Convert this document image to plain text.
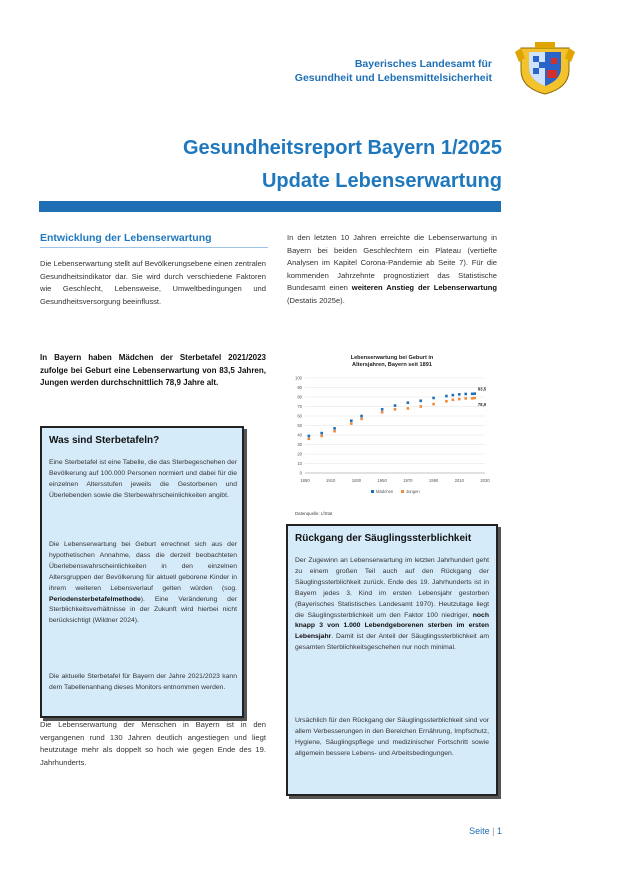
Bayerisches Landesamt für
Gesundheit und Lebensmittelsicherheit
Gesundheitsreport Bayern 1/2025
Update Lebenserwartung
Entwicklung der Lebenserwartung
Die Lebenserwartung stellt auf Bevölkerungsebene einen zentralen Gesundheitsindikator dar. Sie wird durch verschiedene Faktoren wie Geschlecht, Lebensweise, Umweltbedingungen und Gesundheitsversorgung beeinflusst.
In Bayern haben Mädchen der Sterbetafel 2021/2023 zufolge bei Geburt eine Lebenserwartung von 83,5 Jahren, Jungen werden durchschnittlich 78,9 Jahre alt.
Was sind Sterbetafeln?
Eine Sterbetafel ist eine Tabelle, die das Sterbegeschehen der Bevölkerung auf 100.000 Personen normiert und dabei für die einzelnen Altersstufen jeweils die Gestorbenen und Überlebenden sowie die Sterbewahrscheinlichkeiten angibt.
Die Lebenserwartung bei Geburt errechnet sich aus der hypothetischen Annahme, dass die derzeit beobachteten Überlebenswahrscheinlichkeiten in den einzelnen Altersgruppen der Bevölkerung für aktuell geborene Kinder in ihrem weiteren Lebensverlauf gelten würden (sog. Periodensterbetafelmethode). Eine Veränderung der Sterblichkeitsverhältnisse in der Zukunft wird hierbei nicht berücksichtigt (Wildner 2024).
Die aktuelle Sterbetafel für Bayern der Jahre 2021/2023 kann dem Tabellenanhang dieses Monitors entnommen werden.
Die Lebenserwartung der Menschen in Bayern ist in den vergangenen rund 130 Jahren deutlich angestiegen und liegt heutzutage mehr als doppelt so hoch wie gegen Ende des 19. Jahrhunderts.
In den letzten 10 Jahren erreichte die Lebenserwartung in Bayern bei beiden Geschlechtern ein Plateau (vertiefte Analysen im Kapitel Corona-Pandemie ab Seite 7). Für die kommenden Jahrzehnte prognostiziert das Statistische Bundesamt einen weiteren Anstieg der Lebenserwartung (Destatis 2025e).
Lebenserwartung bei Geburt in
Altersjahren, Bayern seit 1891
100
90
80
70
60
50
40
30
20
10
0
1890	1910	1930	1950	1970	1990	2010	2030
83,5
78,9
Mädchen	Jungen
Datenquelle: LfStat
Rückgang der Säuglingssterblichkeit
Der Zugewinn an Lebenserwartung im letzten Jahrhundert geht zu einem großen Teil auch auf den Rückgang der Säuglingssterblichkeit zurück. Ende des 19. Jahrhunderts ist in Bayern jedes 3. Kind im ersten Lebensjahr gestorben (Bayerisches Statistisches Landesamt 1970). Heutzutage liegt die Säuglingssterblichkeit um den Faktor 100 niedriger, noch knapp 3 von 1.000 Lebendgeborenen sterben im ersten Lebensjahr. Damit ist der Anteil der Säuglingssterblichkeit am gesamten Sterblichkeitsgeschehen nur noch minimal.
Ursächlich für den Rückgang der Säuglingssterblichkeit sind vor allem Verbesserungen in den Bereichen Ernährung, Impfschutz, Hygiene, Säuglingspflege und medizinischer Fortschritt sowie allgemein bessere Lebens- und Arbeitsbedingungen.
Seite | 1
